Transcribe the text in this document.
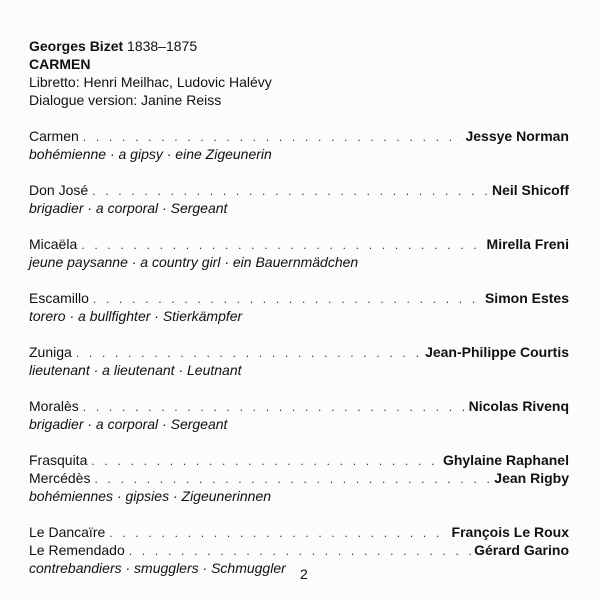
Georges Bizet 1838–1875
CARMEN
Libretto: Henri Meilhac, Ludovic Halévy
Dialogue version: Janine Reiss
Carmen . . .	Jessye Norman
bohémienne · a gipsy · eine Zigeunerin
Don José . . .	Neil Shicoff
brigadier · a corporal · Sergeant
Micaëla . . .	Mirella Freni
jeune paysanne · a country girl · ein Bauernmädchen
Escamillo . . .	Simon Estes
torero · a bullfighter · Stierkämpfer
Zuniga . . .	Jean-Philippe Courtis
lieutenant · a lieutenant · Leutnant
Moralès . . .	Nicolas Rivenq
brigadier · a corporal · Sergeant
Frasquita . . .	Ghylaine Raphanel
Mercédès . . .	Jean Rigby
bohémiennes · gipsies · Zigeunerinnen
Le Dancaïre . . .	François Le Roux
Le Remendado . . .	Gérard Garino
contrebandiers · smugglers · Schmuggler	2
